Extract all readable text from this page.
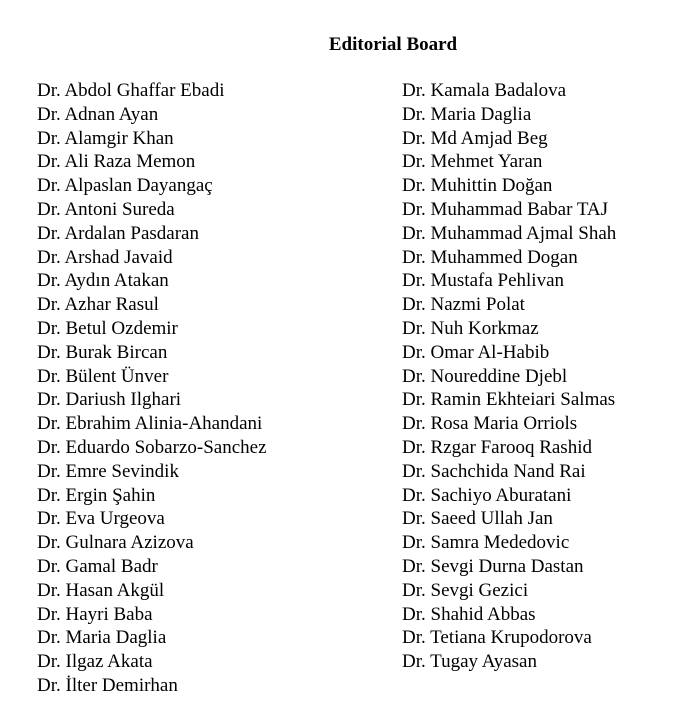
Editorial Board
Dr. Abdol Ghaffar Ebadi
Dr. Adnan Ayan
Dr. Alamgir Khan
Dr. Ali Raza Memon
Dr. Alpaslan Dayangaç
Dr. Antoni Sureda
Dr. Ardalan Pasdaran
Dr. Arshad Javaid
Dr. Aydın Atakan
Dr. Azhar Rasul
Dr. Betul Ozdemir
Dr. Burak Bircan
Dr. Bülent Ünver
Dr. Dariush Ilghari
Dr. Ebrahim Alinia-Ahandani
Dr. Eduardo Sobarzo-Sanchez
Dr. Emre Sevindik
Dr. Ergin Şahin
Dr. Eva Urgeova
Dr. Gulnara Azizova
Dr. Gamal Badr
Dr. Hasan Akgül
Dr. Hayri Baba
Dr. Maria Daglia
Dr. Ilgaz Akata
Dr. İlter Demirhan
Dr. Kamala Badalova
Dr. Maria Daglia
Dr. Md Amjad Beg
Dr. Mehmet Yaran
Dr. Muhittin Doğan
Dr. Muhammad Babar TAJ
Dr. Muhammad Ajmal Shah
Dr. Muhammed Dogan
Dr. Mustafa Pehlivan
Dr. Nazmi Polat
Dr. Nuh Korkmaz
Dr. Omar Al-Habib
Dr. Noureddine Djebl
Dr. Ramin Ekhteiari Salmas
Dr. Rosa Maria Orriols
Dr. Rzgar Farooq Rashid
Dr. Sachchida Nand Rai
Dr. Sachiyo Aburatani
Dr. Saeed Ullah Jan
Dr. Samra Mededovic
Dr. Sevgi Durna Dastan
Dr. Sevgi Gezici
Dr. Shahid Abbas
Dr. Tetiana Krupodorova
Dr. Tugay Ayasan
